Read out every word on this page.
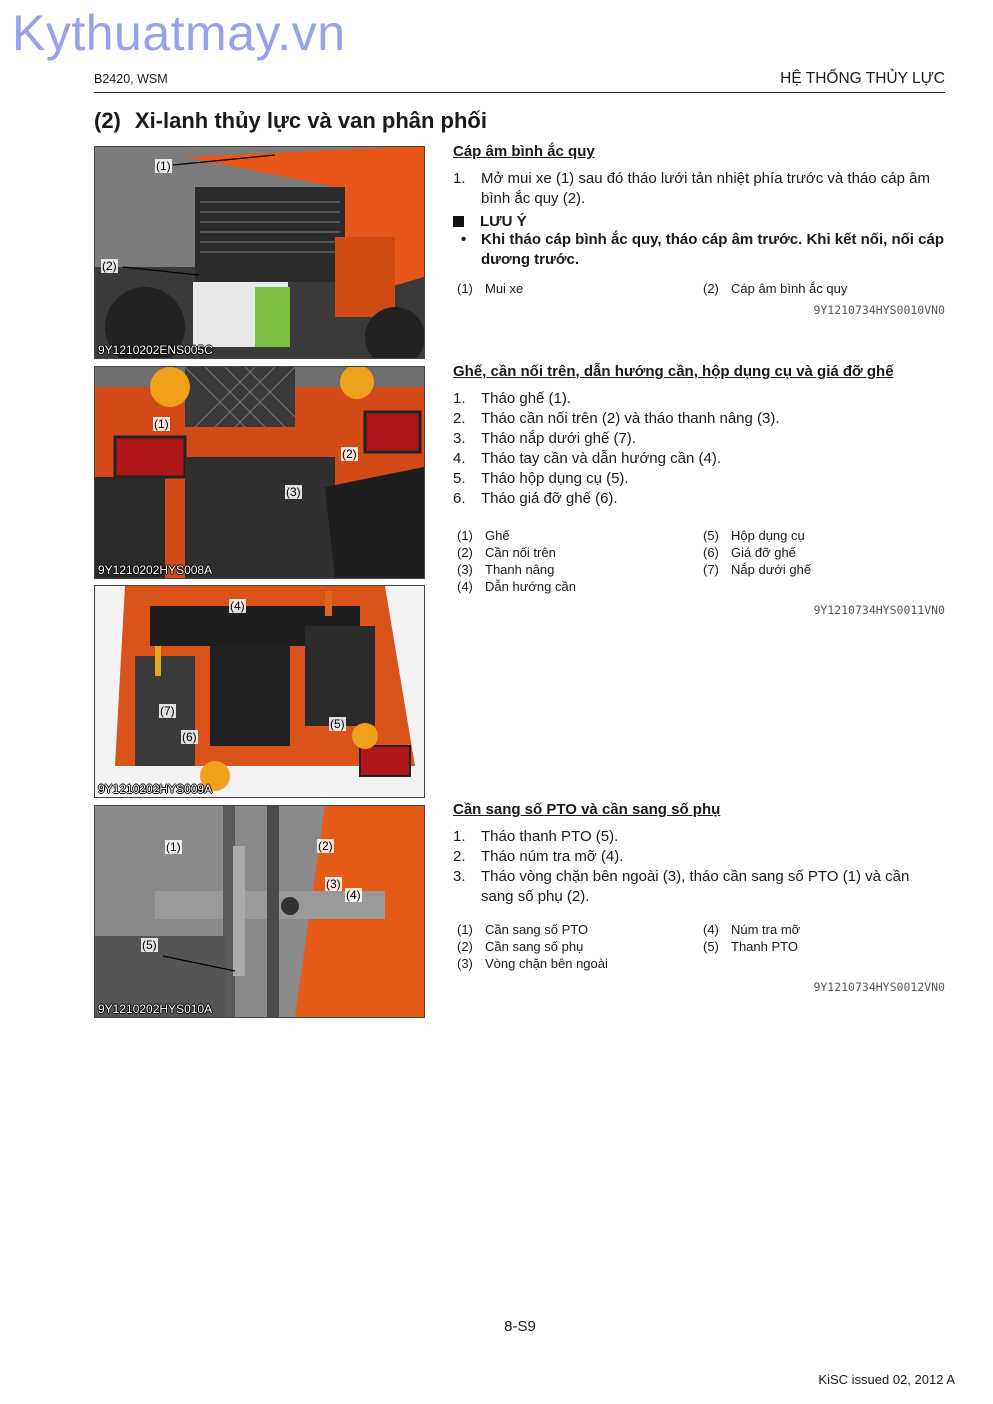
Kythuatmay.vn
B2420, WSM	HỆ THỐNG THỦY LỰC
(2) Xi-lanh thủy lực và van phân phối
(1)
(2)
9Y1210202ENS005C
(1)
(2)
(3)
9Y1210202HYS008A
(4)
(7)
(6)
(5)
9Y1210202HYS009A
(1)	(2)
(3)
(4)
(5)
9Y1210202HYS010A
Cáp âm bình ắc quy
1. Mở mui xe (1) sau đó tháo lưới tản nhiệt phía trước và tháo cáp âm bình ắc quy (2).
LƯU Ý
• Khi tháo cáp bình ắc quy, tháo cáp âm trước. Khi kết nối, nối cáp dương trước.
(1) Mui xe	(2) Cáp âm bình ắc quy
9Y1210734HYS0010VN0
Ghế, cần nối trên, dẫn hướng cần, hộp dụng cụ và giá đỡ ghế
1. Tháo ghế (1).
2. Tháo cần nối trên (2) và tháo thanh nâng (3).
3. Tháo nắp dưới ghế (7).
4. Tháo tay cần và dẫn hướng cần (4).
5. Tháo hộp dụng cụ (5).
6. Tháo giá đỡ ghế (6).
(1) Ghế	(5) Hộp dụng cụ
(2) Cần nối trên	(6) Giá đỡ ghế
(3) Thanh nâng	(7) Nắp dưới ghế
(4) Dẫn hướng cần
9Y1210734HYS0011VN0
Cần sang số PTO và cần sang số phụ
1. Tháo thanh PTO (5).
2. Tháo núm tra mỡ (4).
3. Tháo vòng chặn bên ngoài (3), tháo cần sang số PTO (1) và cần sang số phụ (2).
(1) Cần sang số PTO	(4) Núm tra mỡ
(2) Cần sang số phụ	(5) Thanh PTO
(3) Vòng chặn bên ngoài
9Y1210734HYS0012VN0
8-S9
KiSC issued 02, 2012 A
